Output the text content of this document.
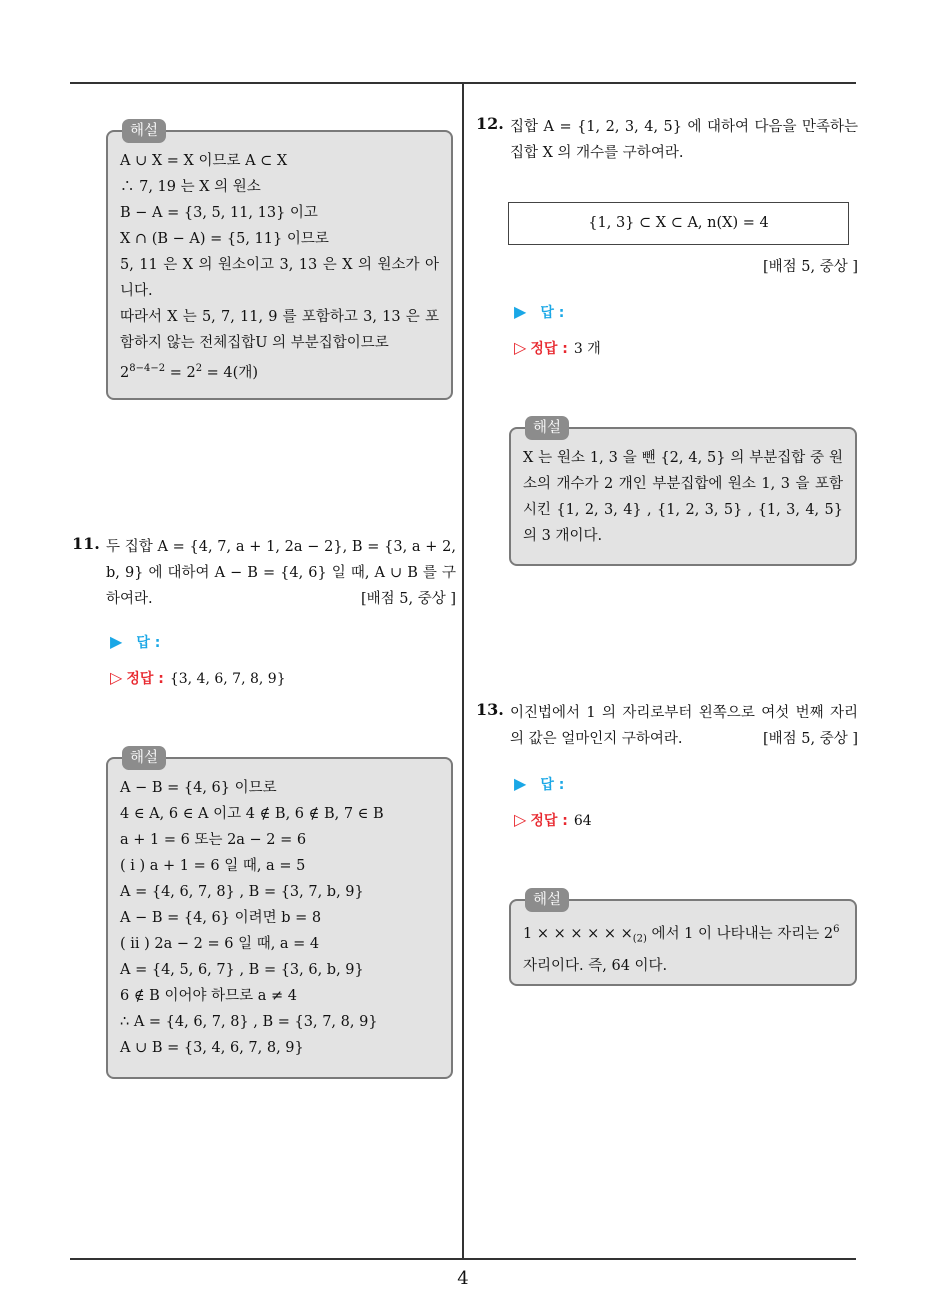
해설
A ∪ X = X 이므로 A ⊂ X
∴ 7, 19 는 X 의 원소
B − A = {3, 5, 11, 13} 이고
X ∩ (B − A) = {5, 11} 이므로
5, 11 은 X 의 원소이고 3, 13 은 X 의 원소가 아니다.
따라서 X 는 5, 7, 11, 9 를 포함하고 3, 13 은 포함하지 않는 전체집합U 의 부분집합이므로
$2^{8-4-2} = 2^2 = 4$(개)
11. 두 집합 A = {4, 7, a + 1, 2a − 2}, B = {3, a + 2, b, 9} 에 대하여 A − B = {4, 6} 일 때, A ∪ B 를 구하여라.	[배점 5, 중상 ]
▶ 답 :
▷ 정답 : {3, 4, 6, 7, 8, 9}
해설
A − B = {4, 6} 이므로
4 ∈ A, 6 ∈ A 이고 4 ∉ B, 6 ∉ B, 7 ∈ B
a + 1 = 6 또는 2a − 2 = 6
( i ) a + 1 = 6 일 때, a = 5
A = {4, 6, 7, 8} , B = {3, 7, b, 9}
A − B = {4, 6} 이려면 b = 8
( ii ) 2a − 2 = 6 일 때, a = 4
A = {4, 5, 6, 7} , B = {3, 6, b, 9}
6 ∉ B 이어야 하므로 a ≠ 4
∴ A = {4, 6, 7, 8} , B = {3, 7, 8, 9}
A ∪ B = {3, 4, 6, 7, 8, 9}
12. 집합 A = {1, 2, 3, 4, 5} 에 대하여 다음을 만족하는 집합 X 의 개수를 구하여라.
{1, 3} ⊂ X ⊂ A, n(X) = 4
[배점 5, 중상 ]
▶ 답 :
▷ 정답 : 3 개
해설
X 는 원소 1, 3 을 뺀 {2, 4, 5} 의 부분집합 중 원소의 개수가 2 개인 부분집합에 원소 1, 3 을 포함시킨 {1, 2, 3, 4} , {1, 2, 3, 5} , {1, 3, 4, 5} 의 3 개이다.
13. 이진법에서 1 의 자리로부터 왼쪽으로 여섯 번째 자리의 값은 얼마인지 구하여라.	[배점 5, 중상 ]
▶ 답 :
▷ 정답 : 64
해설
1 × × × × × $\times_{(2)}$ 에서 1 이 나타내는 자리는 $2^6$
자리이다. 즉, 64 이다.
4
